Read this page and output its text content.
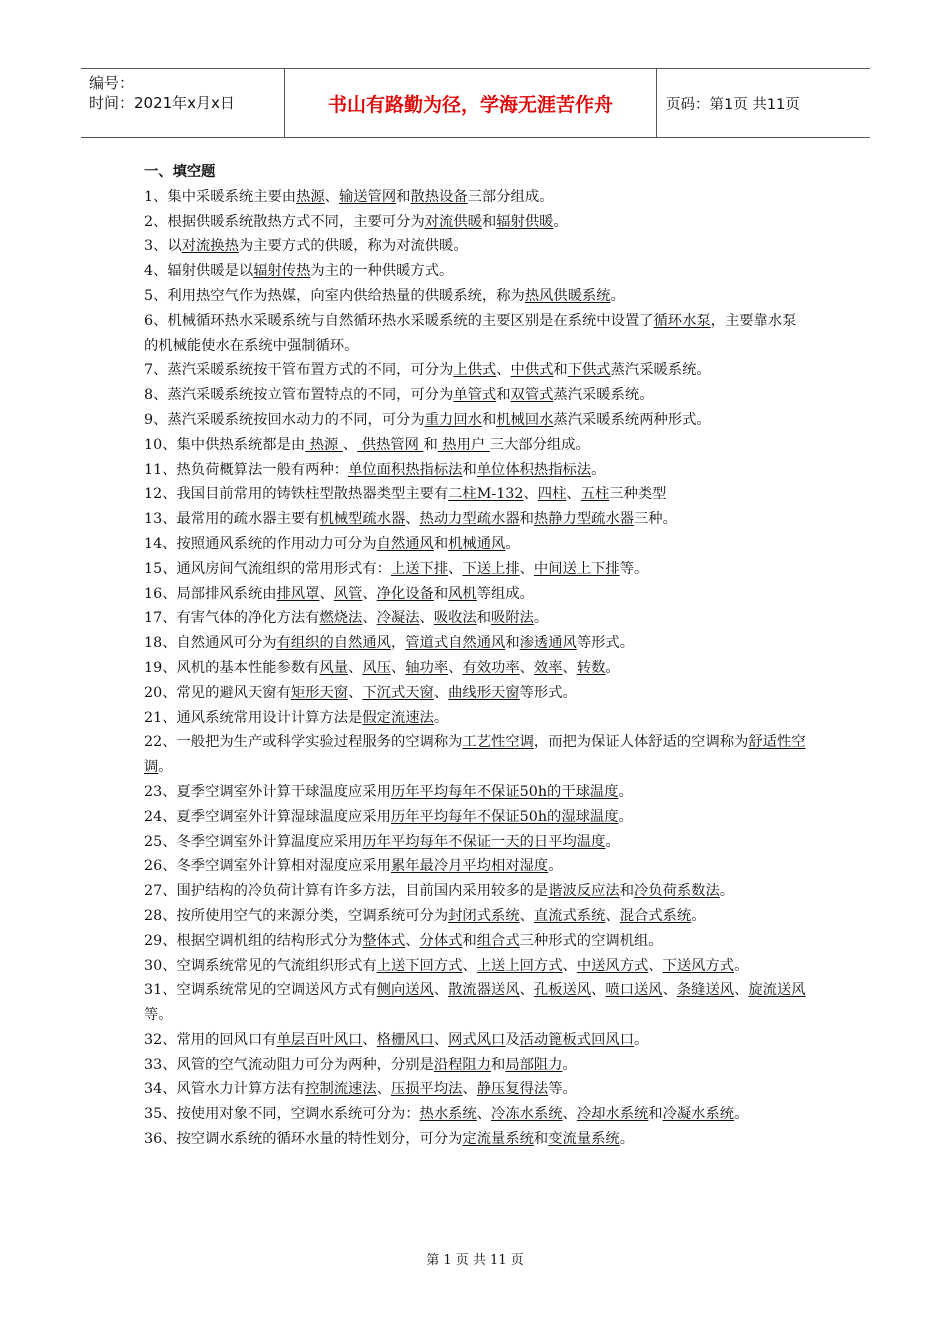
编号：
时间：2021年x月x日	书山有路勤为径，学海无涯苦作舟	页码：第1页 共11页
一、填空题

1、集中采暖系统主要由热源、输送管网和散热设备三部分组成。

2、根据供暖系统散热方式不同，主要可分为对流供暖和辐射供暖。

3、以对流换热为主要方式的供暖，称为对流供暖。

4、辐射供暖是以辐射传热为主的一种供暖方式。

5、利用热空气作为热媒，向室内供给热量的供暖系统，称为热风供暖系统。

6、机械循环热水采暖系统与自然循环热水采暖系统的主要区别是在系统中设置了循环水泵，主要靠水泵的机械能使水在系统中强制循环。

7、蒸汽采暖系统按干管布置方式的不同，可分为上供式、中供式和下供式蒸汽采暖系统。

8、蒸汽采暖系统按立管布置特点的不同，可分为单管式和双管式蒸汽采暖系统。

9、蒸汽采暖系统按回水动力的不同，可分为重力回水和机械回水蒸汽采暖系统两种形式。

10、集中供热系统都是由 热源 、 供热管网 和 热用户 三大部分组成。

11、热负荷概算法一般有两种：单位面积热指标法和单位体积热指标法。

12、我国目前常用的铸铁柱型散热器类型主要有二柱M-132、四柱、五柱三种类型

13、最常用的疏水器主要有机械型疏水器、热动力型疏水器和热静力型疏水器三种。

14、按照通风系统的作用动力可分为自然通风和机械通风。

15、通风房间气流组织的常用形式有：上送下排、下送上排、中间送上下排等。

16、局部排风系统由排风罩、风管、净化设备和风机等组成。

17、有害气体的净化方法有燃烧法、冷凝法、吸收法和吸附法。

18、自然通风可分为有组织的自然通风，管道式自然通风和渗透通风等形式。

19、风机的基本性能参数有风量、风压、轴功率、有效功率、效率、转数。

20、常见的避风天窗有矩形天窗、下沉式天窗、曲线形天窗等形式。

21、通风系统常用设计计算方法是假定流速法。

22、一般把为生产或科学实验过程服务的空调称为工艺性空调，而把为保证人体舒适的空调称为舒适性空调。

23、夏季空调室外计算干球温度应采用历年平均每年不保证50h的干球温度。

24、夏季空调室外计算湿球温度应采用历年平均每年不保证50h的湿球温度。

25、冬季空调室外计算温度应采用历年平均每年不保证一天的日平均温度。

26、冬季空调室外计算相对湿度应采用累年最冷月平均相对湿度。

27、围护结构的冷负荷计算有许多方法，目前国内采用较多的是谐波反应法和冷负荷系数法。

28、按所使用空气的来源分类，空调系统可分为封闭式系统、直流式系统、混合式系统。

29、根据空调机组的结构形式分为整体式、分体式和组合式三种形式的空调机组。

30、空调系统常见的气流组织形式有上送下回方式、上送上回方式、中送风方式、下送风方式。

31、空调系统常见的空调送风方式有侧向送风、散流器送风、孔板送风、喷口送风、条缝送风、旋流送风等。

32、常用的回风口有单层百叶风口、格栅风口、网式风口及活动篦板式回风口。

33、风管的空气流动阻力可分为两种，分别是沿程阻力和局部阻力。

34、风管水力计算方法有控制流速法、压损平均法、静压复得法等。

35、按使用对象不同，空调水系统可分为：热水系统、冷冻水系统、冷却水系统和冷凝水系统。

36、按空调水系统的循环水量的特性划分，可分为定流量系统和变流量系统。

第 1 页 共 11 页
